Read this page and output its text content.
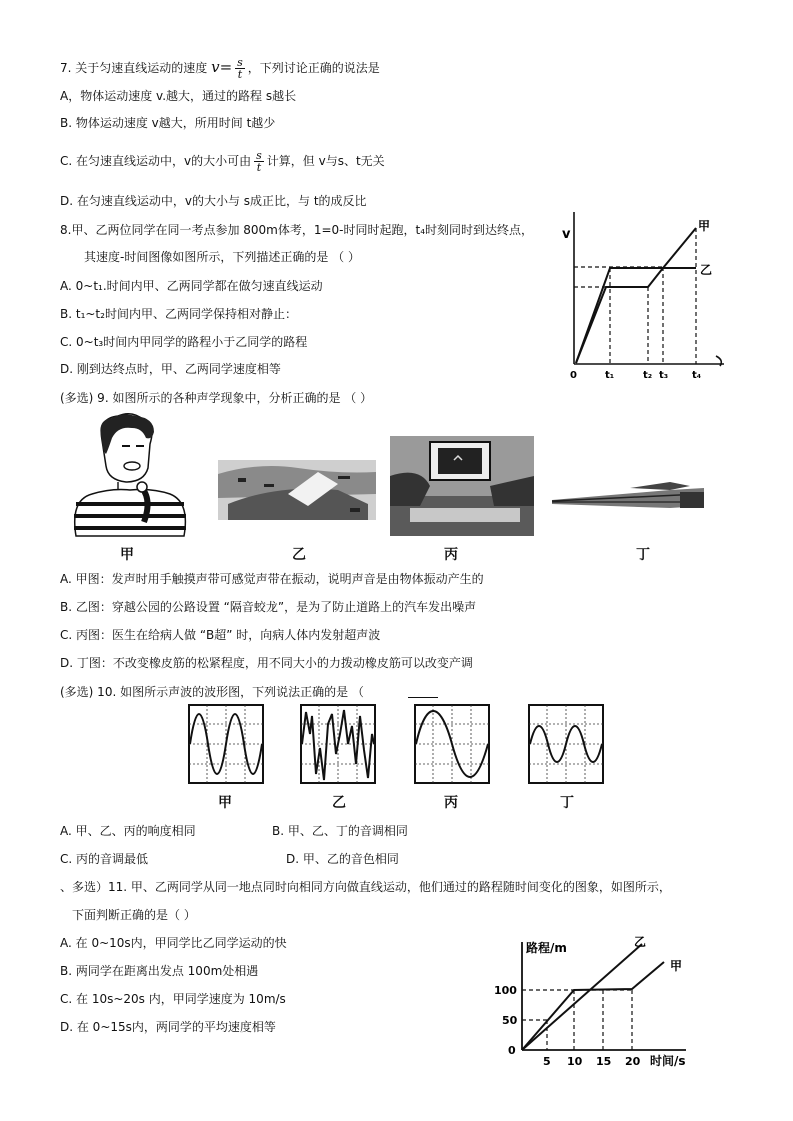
7. 关于匀速直线运动的速度 $v= \frac{s}{t}$ ，下列讨论正确的说法是
A，物体运动速度 v.越大，通过的路程 s越长
B. 物体运动速度 v越大，所用时间 t越少
C. 在匀速直线运动中，v的大小可由 $\frac{s}{t}$ 计算，但 v与s、t无关
D. 在匀速直线运动中，v的大小与 s成正比，与 t的成反比
8.甲、乙两位同学在同一考点参加 800m体考，1=0-时同时起跑，t₄时刻同时到达终点，
其速度-时间图像如图所示，下列描述正确的是 （ ）
A. 0~t₁.时间内甲、乙两同学都在做匀速直线运动
B. t₁~t₂时间内甲、乙两同学保持相对静止：
C. 0~t₃时间内甲同学的路程小于乙同学的路程
D. 刚到达终点时，甲、乙两同学速度相等
v
甲
乙
0	t₁	t₂ t₃ t₄
(多选) 9. 如图所示的各种声学现象中，分析正确的是 （ ）
甲	乙	丙	丁
A. 甲图：发声时用手触摸声带可感觉声带在振动，说明声音是由物体振动产生的
B. 乙图：穿越公园的公路设置 “隔音蛟龙”，是为了防止道路上的汽车发出噪声
C. 丙图：医生在给病人做 “B超” 时，向病人体内发射超声波
D. 丁图：不改变橡皮筋的松紧程度，用不同大小的力拨动橡皮筋可以改变产调
(多选) 10. 如图所示声波的波形图，下列说法正确的是 （
甲	乙	丙	丁
A. 甲、乙、丙的响度相同	B. 甲、乙、丁的音调相同
C. 丙的音调最低	D. 甲、乙的音色相同
、多选）11. 甲、乙两同学从同一地点同时向相同方向做直线运动，他们通过的路程随时间变化的图象，如图所示，
下面判断正确的是（ ）
A. 在 0~10s内，甲同学比乙同学运动的快
B. 两同学在距离出发点 100m处相遇
C. 在 10s~20s 内，甲同学速度为 10m/s
D. 在 0~15s内，两同学的平均速度相等
路程/m
时间/s
乙
甲
100
50
0
5 10 15 20
